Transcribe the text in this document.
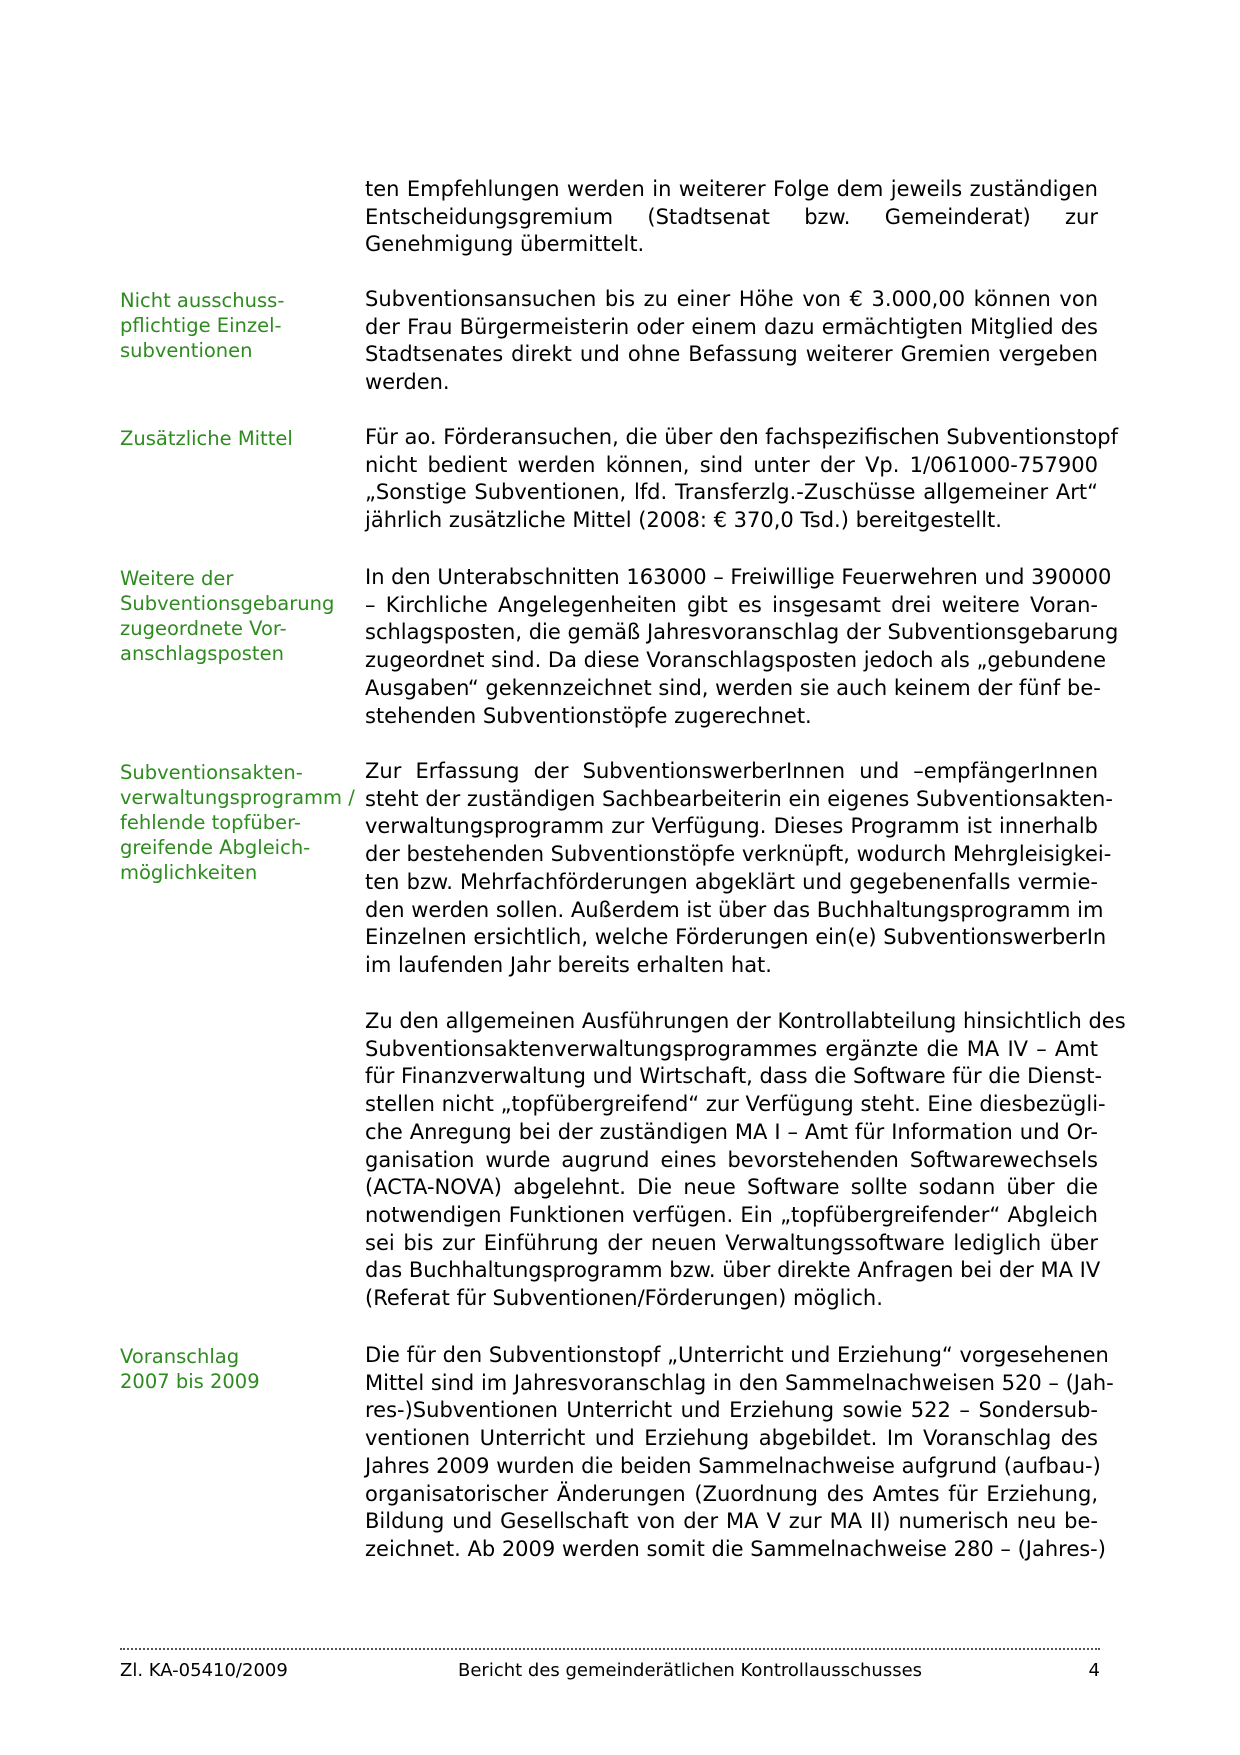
ten Empfehlungen werden in weiterer Folge dem jeweils zuständigen
Entscheidungsgremium (Stadtsenat bzw. Gemeinderat) zur
Genehmigung übermittelt.
Nicht ausschuss-
pflichtige Einzel-
subventionen
Subventionsansuchen bis zu einer Höhe von € 3.000,00 können von
der Frau Bürgermeisterin oder einem dazu ermächtigten Mitglied des
Stadtsenates direkt und ohne Befassung weiterer Gremien vergeben
werden.
Zusätzliche Mittel	Für ao. Förderansuchen, die über den fachspezifischen Subventionstopf
nicht bedient werden können, sind unter der Vp. 1/061000-757900
„Sonstige Subventionen, lfd. Transferzlg.-Zuschüsse allgemeiner Art“
jährlich zusätzliche Mittel (2008: € 370,0 Tsd.) bereitgestellt.
Weitere der
Subventionsgebarung
zugeordnete Vor-
anschlagsposten
In den Unterabschnitten 163000 – Freiwillige Feuerwehren und 390000
– Kirchliche Angelegenheiten gibt es insgesamt drei weitere Voran-
schlagsposten, die gemäß Jahresvoranschlag der Subventionsgebarung
zugeordnet sind. Da diese Voranschlagsposten jedoch als „gebundene
Ausgaben“ gekennzeichnet sind, werden sie auch keinem der fünf be-
stehenden Subventionstöpfe zugerechnet.
Subventionsakten-
verwaltungsprogramm /
fehlende topfüber-
greifende Abgleich-
möglichkeiten
Zur Erfassung der SubventionswerberInnen und –empfängerInnen
steht der zuständigen Sachbearbeiterin ein eigenes Subventionsakten-
verwaltungsprogramm zur Verfügung. Dieses Programm ist innerhalb
der bestehenden Subventionstöpfe verknüpft, wodurch Mehrgleisigkei-
ten bzw. Mehrfachförderungen abgeklärt und gegebenenfalls vermie-
den werden sollen. Außerdem ist über das Buchhaltungsprogramm im
Einzelnen ersichtlich, welche Förderungen ein(e) SubventionswerberIn
im laufenden Jahr bereits erhalten hat.
Zu den allgemeinen Ausführungen der Kontrollabteilung hinsichtlich des
Subventionsaktenverwaltungsprogrammes ergänzte die MA IV – Amt
für Finanzverwaltung und Wirtschaft, dass die Software für die Dienst-
stellen nicht „topfübergreifend“ zur Verfügung steht. Eine diesbezügli-
che Anregung bei der zuständigen MA I – Amt für Information und Or-
ganisation wurde augrund eines bevorstehenden Softwarewechsels
(ACTA-NOVA) abgelehnt. Die neue Software sollte sodann über die
notwendigen Funktionen verfügen. Ein „topfübergreifender“ Abgleich
sei bis zur Einführung der neuen Verwaltungssoftware lediglich über
das Buchhaltungsprogramm bzw. über direkte Anfragen bei der MA IV
(Referat für Subventionen/Förderungen) möglich.
Voranschlag
2007 bis 2009
Die für den Subventionstopf „Unterricht und Erziehung“ vorgesehenen
Mittel sind im Jahresvoranschlag in den Sammelnachweisen 520 – (Jah-
res-)Subventionen Unterricht und Erziehung sowie 522 – Sondersub-
ventionen Unterricht und Erziehung abgebildet. Im Voranschlag des
Jahres 2009 wurden die beiden Sammelnachweise aufgrund (aufbau-)
organisatorischer Änderungen (Zuordnung des Amtes für Erziehung,
Bildung und Gesellschaft von der MA V zur MA II) numerisch neu be-
zeichnet. Ab 2009 werden somit die Sammelnachweise 280 – (Jahres-)
Zl. KA-05410/2009	Bericht des gemeinderätlichen Kontrollausschusses	4
